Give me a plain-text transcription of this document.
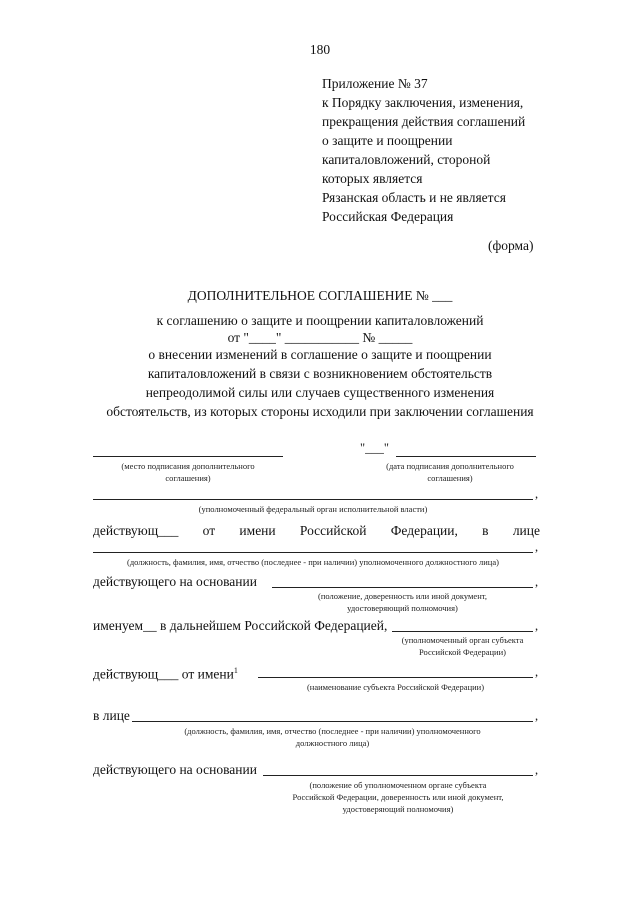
180
Приложение № 37
к Порядку заключения, изменения,
прекращения действия соглашений
о защите и поощрении
капиталовложений, стороной
которых является
Рязанская область и не является
Российская Федерация
(форма)
ДОПОЛНИТЕЛЬНОЕ СОГЛАШЕНИЕ № ___
к соглашению о защите и поощрении капиталовложений
от "____" ___________ № _____
о внесении изменений в соглашение о защите и поощрении
капиталовложений в связи с возникновением обстоятельств
непреодолимой силы или случаев существенного изменения
обстоятельств, из которых стороны исходили при заключении соглашения
(место подписания дополнительного
соглашения)
"___"
(дата подписания дополнительного
соглашения)
,
(уполномоченный федеральный орган исполнительной власти)
действующ___ от имени Российской Федерации, в лице
,
(должность, фамилия, имя, отчество (последнее - при наличии) уполномоченного должностного лица)
действующего на основании	,
(положение, доверенность или иной документ,
удостоверяющий полномочия)
именуем__ в дальнейшем Российской Федерацией,	,
(уполномоченный орган субъекта
Российской Федерации)
действующ___ от имени$^1$	,
(наименование субъекта Российской Федерации)
в лице	,
(должность, фамилия, имя, отчество (последнее - при наличии) уполномоченного
должностного лица)
действующего на основании	,
(положение об уполномоченном органе субъекта
Российской Федерации, доверенность или иной документ,
удостоверяющий полномочия)
